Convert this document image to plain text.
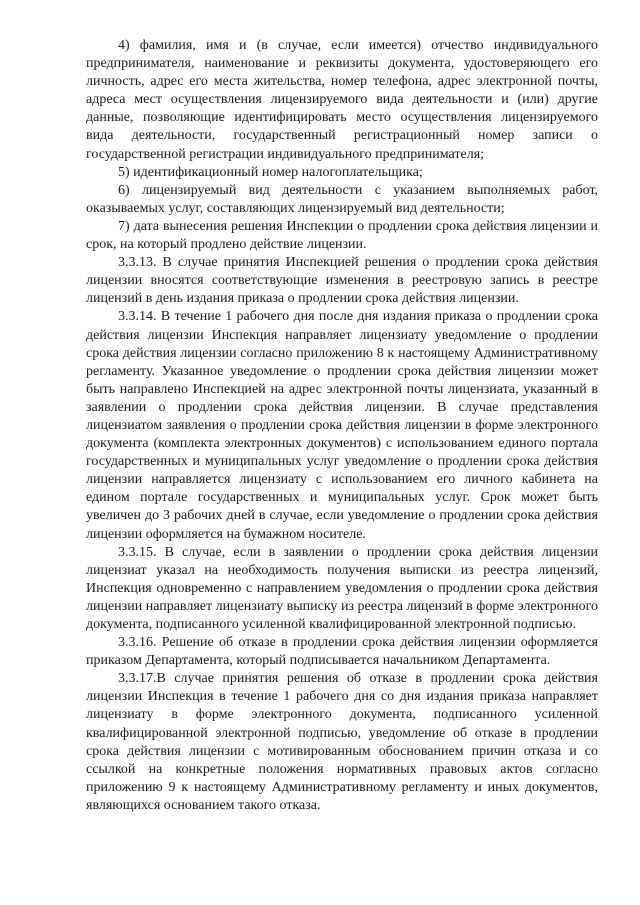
4) фамилия, имя и (в случае, если имеется) отчество индивидуального предпринимателя, наименование и реквизиты документа, удостоверяющего его личность, адрес его места жительства, номер телефона, адрес электронной почты, адреса мест осуществления лицензируемого вида деятельности и (или) другие данные, позволяющие идентифицировать место осуществления лицензируемого вида деятельности, государственный регистрационный номер записи о государственной регистрации индивидуального предпринимателя;

5) идентификационный номер налогоплательщика;

6) лицензируемый вид деятельности с указанием выполняемых работ, оказываемых услуг, составляющих лицензируемый вид деятельности;

7) дата вынесения решения Инспекции о продлении срока действия лицензии и срок, на который продлено действие лицензии.

3.3.13. В случае принятия Инспекцией решения о продлении срока действия лицензии вносятся соответствующие изменения в реестровую запись в реестре лицензий в день издания приказа о продлении срока действия лицензии.

3.3.14. В течение 1 рабочего дня после дня издания приказа о продлении срока действия лицензии Инспекция направляет лицензиату уведомление о продлении срока действия лицензии согласно приложению 8 к настоящему Административному регламенту. Указанное уведомление о продлении срока действия лицензии может быть направлено Инспекцией на адрес электронной почты лицензиата, указанный в заявлении о продлении срока действия лицензии. В случае представления лицензиатом заявления о продлении срока действия лицензии в форме электронного документа (комплекта электронных документов) с использованием единого портала государственных и муниципальных услуг уведомление о продлении срока действия лицензии направляется лицензиату с использованием его личного кабинета на едином портале государственных и муниципальных услуг. Срок может быть увеличен до 3 рабочих дней в случае, если уведомление о продлении срока действия лицензии оформляется на бумажном носителе.

3.3.15. В случае, если в заявлении о продлении срока действия лицензии лицензиат указал на необходимость получения выписки из реестра лицензий, Инспекция одновременно с направлением уведомления о продлении срока действия лицензии направляет лицензиату выписку из реестра лицензий в форме электронного документа, подписанного усиленной квалифицированной электронной подписью.

3.3.16. Решение об отказе в продлении срока действия лицензии оформляется приказом Департамента, который подписывается начальником Департамента.

3.3.17.В случае принятия решения об отказе в продлении срока действия лицензии Инспекция в течение 1 рабочего дня со дня издания приказа направляет лицензиату в форме электронного документа, подписанного усиленной квалифицированной электронной подписью, уведомление об отказе в продлении срока действия лицензии с мотивированным обоснованием причин отказа и со ссылкой на конкретные положения нормативных правовых актов согласно приложению 9 к настоящему Административному регламенту и иных документов, являющихся основанием такого отказа.
